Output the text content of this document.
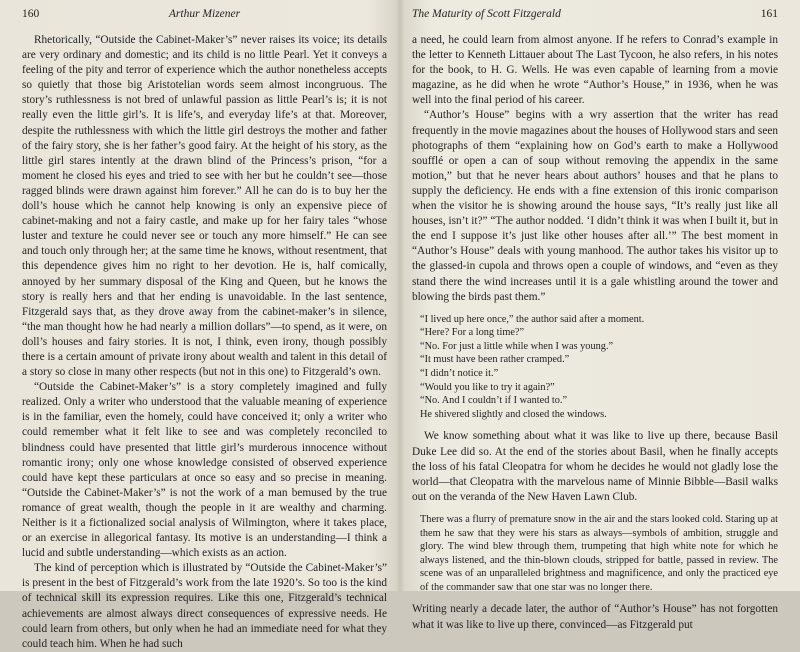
160	Arthur Mizener

Rhetorically, “Outside the Cabinet-Maker’s” never raises its voice; its details are very ordinary and domestic; and its child is no little Pearl. Yet it conveys a feeling of the pity and terror of experience which the author nonetheless accepts so quietly that those big Aristotelian words seem almost incongruous. The story’s ruthlessness is not bred of unlawful passion as little Pearl’s is; it is not really even the little girl’s. It is life’s, and everyday life’s at that. Moreover, despite the ruthlessness with which the little girl destroys the mother and father of the fairy story, she is her father’s good fairy. At the height of his story, as the little girl stares intently at the drawn blind of the Princess’s prison, “for a moment he closed his eyes and tried to see with her but he couldn’t see—those ragged blinds were drawn against him forever.” All he can do is to buy her the doll’s house which he cannot help knowing is only an expensive piece of cabinet-making and not a fairy castle, and make up for her fairy tales “whose luster and texture he could never see or touch any more himself.” He can see and touch only through her; at the same time he knows, without resentment, that this dependence gives him no right to her devotion. He is, half comically, annoyed by her summary disposal of the King and Queen, but he knows the story is really hers and that her ending is unavoidable. In the last sentence, Fitzgerald says that, as they drove away from the cabinet-maker’s in silence, “the man thought how he had nearly a million dollars”—to spend, as it were, on doll’s houses and fairy stories. It is not, I think, even irony, though possibly there is a certain amount of private irony about wealth and talent in this detail of a story so close in many other respects (but not in this one) to Fitzgerald’s own.

“Outside the Cabinet-Maker’s” is a story completely imagined and fully realized. Only a writer who understood that the valuable meaning of experience is in the familiar, even the homely, could have conceived it; only a writer who could remember what it felt like to see and was completely reconciled to blindness could have presented that little girl’s murderous innocence without romantic irony; only one whose knowledge consisted of observed experience could have kept these particulars at once so easy and so precise in meaning. “Outside the Cabinet-Maker’s” is not the work of a man bemused by the true romance of great wealth, though the people in it are wealthy and charming. Neither is it a fictionalized social analysis of Wilmington, where it takes place, or an exercise in allegorical fantasy. Its motive is an understanding—I think a lucid and subtle understanding—which exists as an action.

The kind of perception which is illustrated by “Outside the Cabinet-Maker’s” is present in the best of Fitzgerald’s work from the late 1920’s. So too is the kind of technical skill its expression requires. Like this one, Fitzgerald’s technical achievements are almost always direct consequences of expressive needs. He could learn from others, but only when he had an immediate need for what they could teach him. When he had such

The Maturity of Scott Fitzgerald	161

a need, he could learn from almost anyone. If he refers to Conrad’s example in the letter to Kenneth Littauer about The Last Tycoon, he also refers, in his notes for the book, to H. G. Wells. He was even capable of learning from a movie magazine, as he did when he wrote “Author’s House,” in 1936, when he was well into the final period of his career.

“Author’s House” begins with a wry assertion that the writer has read frequently in the movie magazines about the houses of Hollywood stars and seen photographs of them “explaining how on God’s earth to make a Hollywood soufflé or open a can of soup without removing the appendix in the same motion,” but that he never hears about authors’ houses and that he plans to supply the deficiency. He ends with a fine extension of this ironic comparison when the visitor he is showing around the house says, “It’s really just like all houses, isn’t it?” “The author nodded. ‘I didn’t think it was when I built it, but in the end I suppose it’s just like other houses after all.’” The best moment in “Author’s House” deals with young manhood. The author takes his visitor up to the glassed-in cupola and throws open a couple of windows, and “even as they stand there the wind increases until it is a gale whistling around the tower and blowing the birds past them.”

“I lived up here once,” the author said after a moment.
“Here? For a long time?”
“No. For just a little while when I was young.”
“It must have been rather cramped.”
“I didn’t notice it.”
“Would you like to try it again?”
“No. And I couldn’t if I wanted to.”
He shivered slightly and closed the windows.

We know something about what it was like to live up there, because Basil Duke Lee did so. At the end of the stories about Basil, when he finally accepts the loss of his fatal Cleopatra for whom he decides he would not gladly lose the world—that Cleopatra with the marvelous name of Minnie Bibble—Basil walks out on the veranda of the New Haven Lawn Club.

There was a flurry of premature snow in the air and the stars looked cold. Staring up at them he saw that they were his stars as always—symbols of ambition, struggle and glory. The wind blew through them, trumpeting that high white note for which he always listened, and the thin-blown clouds, stripped for battle, passed in review. The scene was of an unparalleled brightness and magnificence, and only the practiced eye of the commander saw that one star was no longer there.

Writing nearly a decade later, the author of “Author’s House” has not forgotten what it was like to live up there, convinced—as Fitzgerald put
